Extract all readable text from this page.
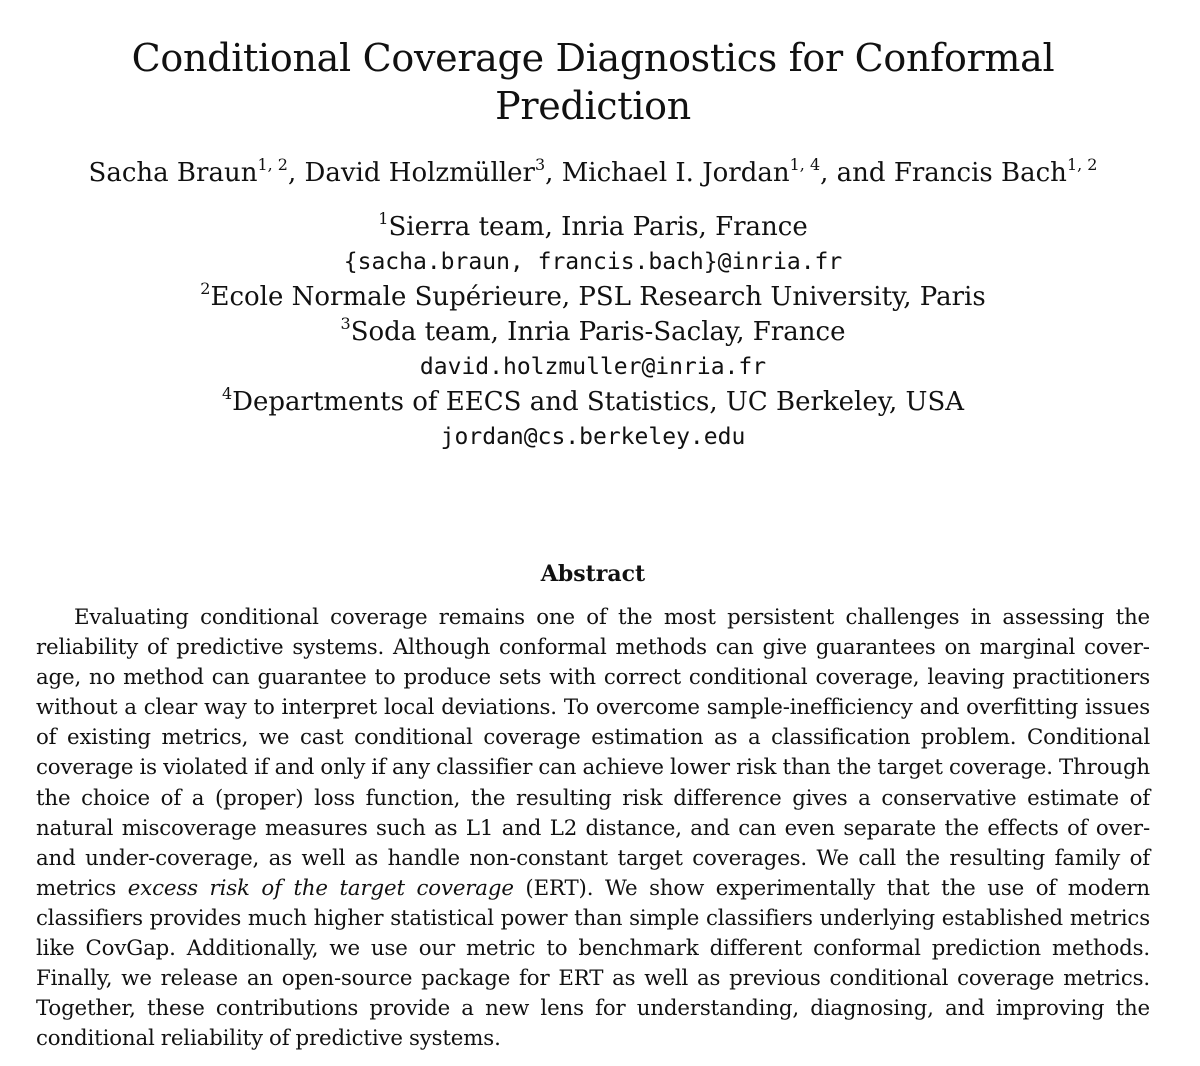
Conditional Coverage Diagnostics for Conformal Prediction
Sacha Braun$^{1, 2}$, David Holzmüller$^3$, Michael I. Jordan$^{1, 4}$, and Francis Bach$^{1, 2}$
$^1$Sierra team, Inria Paris, France
{sacha.braun, francis.bach}@inria.fr
$^2$Ecole Normale Supérieure, PSL Research University, Paris
$^3$Soda team, Inria Paris-Saclay, France
david.holzmuller@inria.fr
$^4$Departments of EECS and Statistics, UC Berkeley, USA
jordan@cs.berkeley.edu
Abstract

Evaluating conditional coverage remains one of the most persistent challenges in assessing the reliability of predictive systems. Although conformal methods can give guarantees on marginal coverage, no method can guarantee to produce sets with correct conditional coverage, leaving practitioners without a clear way to interpret local deviations. To overcome sample-inefficiency and overfitting issues of existing metrics, we cast conditional coverage estimation as a classification problem. Conditional coverage is violated if and only if any classifier can achieve lower risk than the target coverage. Through the choice of a (proper) loss function, the resulting risk difference gives a conservative estimate of natural miscoverage measures such as L1 and L2 distance, and can even separate the effects of over- and under-coverage, as well as handle non-constant target coverages. We call the resulting family of metrics excess risk of the target coverage (ERT). We show experimentally that the use of modern classifiers provides much higher statistical power than simple classifiers underlying established metrics like CovGap. Additionally, we use our metric to benchmark different conformal prediction methods. Finally, we release an open-source package for ERT as well as previous conditional coverage metrics. Together, these contributions provide a new lens for understanding, diagnosing, and improving the conditional reliability of predictive systems.
